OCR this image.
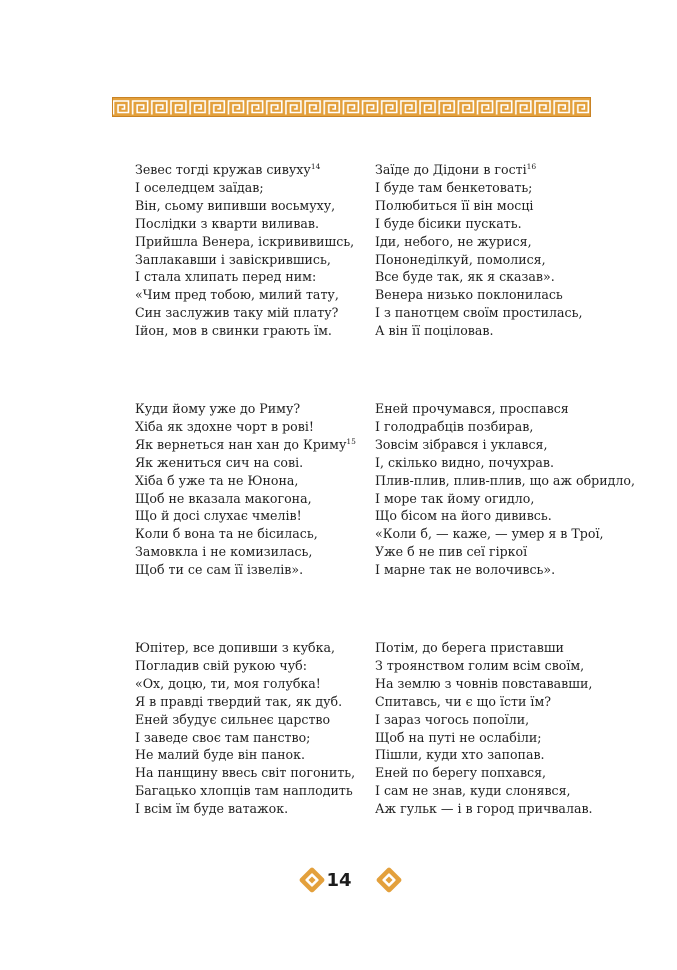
Зевес тогді кружав сивуху$^{14}$
І оселедцем заїдав;
Він, сьому випивши восьмуху,
Послідки з кварти виливав.
Прийшла Венера, іскрививишсь,
Заплакавши і завіскрившись,
І стала хлипать перед ним:
«Чим пред тобою, милий тату,
Син заслужив таку мій плату?
Ійон, мов в свинки грають їм.
Заїде до Дідони в гості$^{16}$
І буде там бенкетовать;
Полюбиться її він мосці
І буде бісики пускать.
Іди, небого, не журися,
Пононеділкуй, помолися,
Все буде так, як я сказав».
Венера низько поклонилась
І з панотцем своїм простилась,
А він її поціловав.
Куди йому уже до Риму?
Хіба як здохне чорт в рові!
Як вернеться нан хан до Криму$^{15}$
Як жениться сич на сові.
Хіба б уже та не Юнона,
Щоб не вказала макогона,
Що й досі слухає чмелів!
Коли б вона та не бісилась,
Замовкла і не комизилась,
Щоб ти се сам її ізвелів».
Еней прочумався, проспався
І голодрабців позбирав,
Зовсім зібрався і уклався,
І, скілько видно, почухрав.
Плив-плив, плив-плив, що аж обридло,
І море так йому огидло,
Що бісом на його дививсь.
«Коли б, — каже, — умер я в Трої,
Уже б не пив сеї гіркої
І марне так не волочивсь».
Юпітер, все допивши з кубка,
Погладив свій рукою чуб:
«Ох, доцю, ти, моя голубка!
Я в правді твердий так, як дуб.
Еней збудує сильнеє царство
І заведе своє там панство;
Не малий буде він панок.
На панщину ввесь світ погонить,
Багацько хлопців там наплодить
І всім їм буде ватажок.
Потім, до берега приставши
З троянством голим всім своїм,
На землю з човнів повстававши,
Спитавсь, чи є що їсти їм?
І зараз чогось попоїли,
Щоб на путі не ослабіли;
Пішли, куди хто запопав.
Еней по берегу попхався,
І сам не знав, куди слонявся,
Аж гульк — і в город причвалав.
14
